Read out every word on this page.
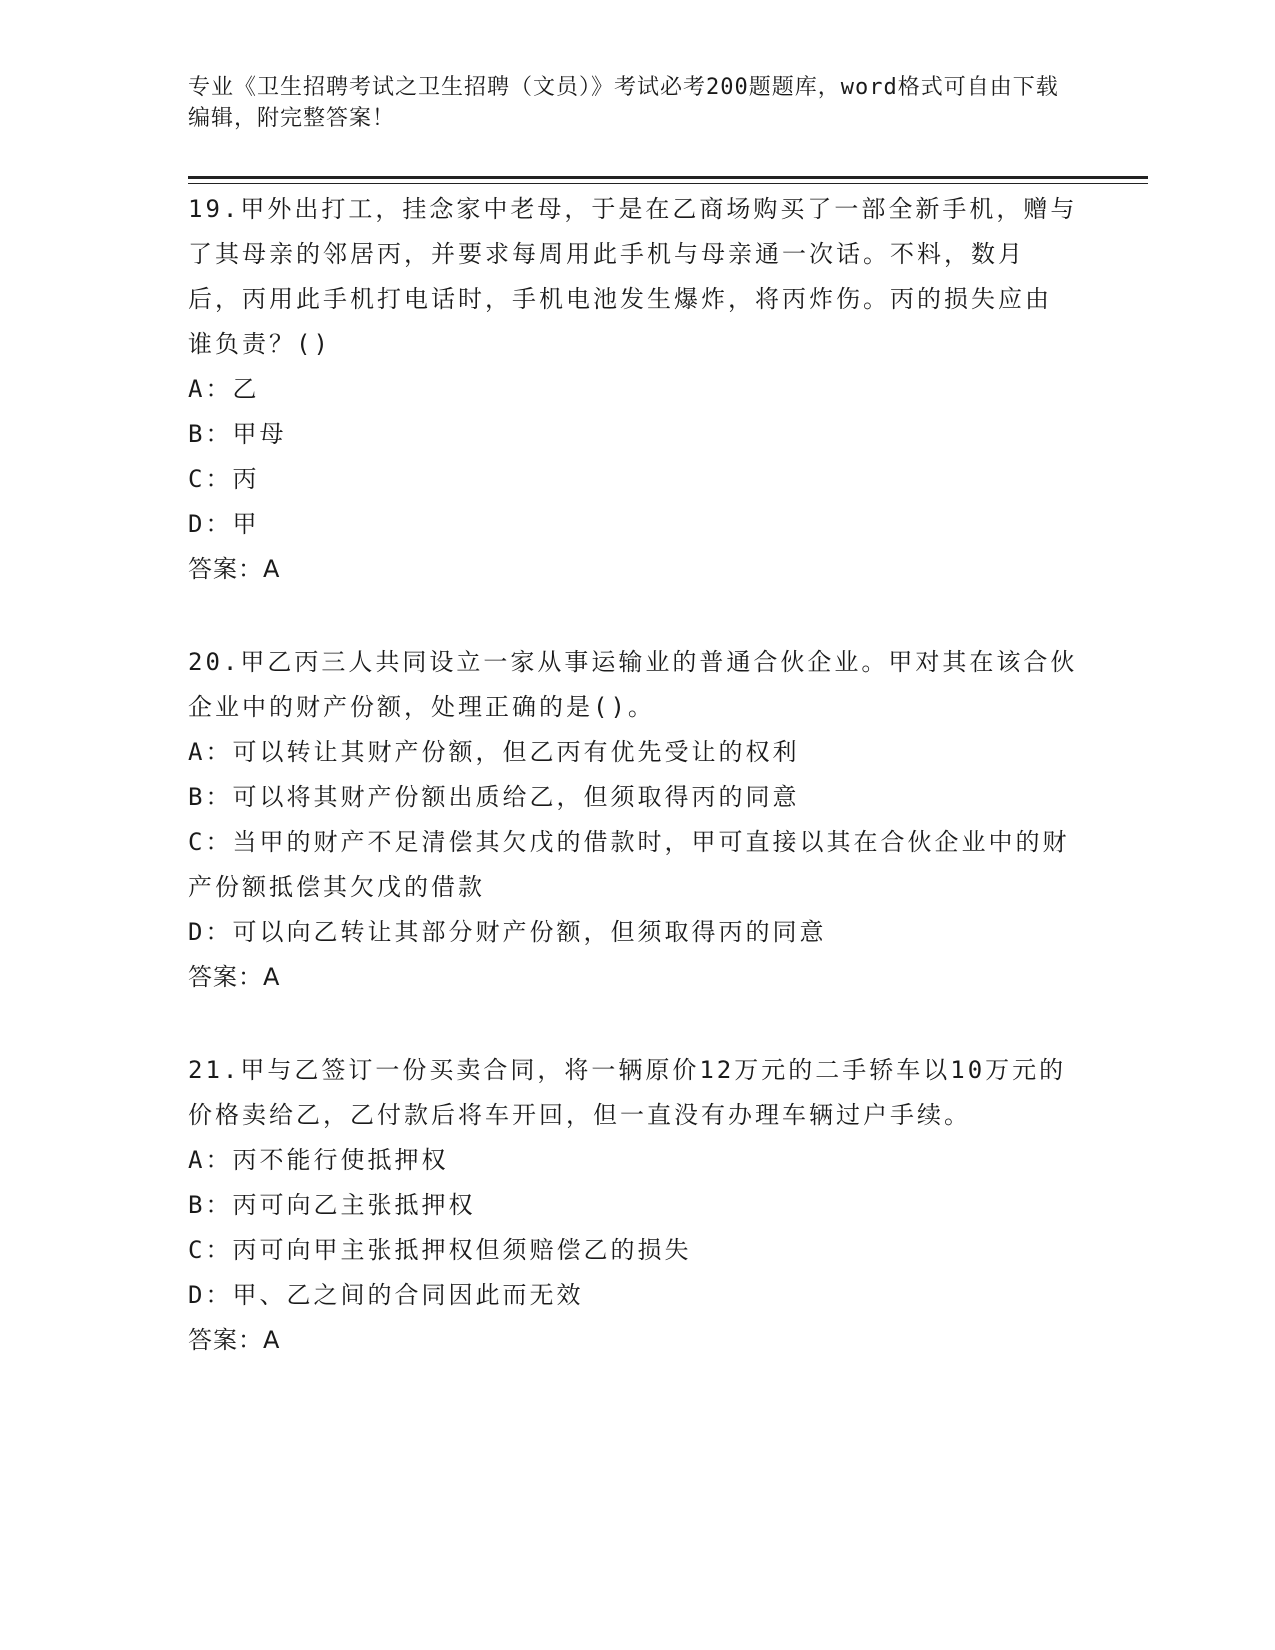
专业《卫生招聘考试之卫生招聘（文员）》考试必考200题题库，word格式可自由下载编辑，附完整答案！
19.甲外出打工，挂念家中老母，于是在乙商场购买了一部全新手机，赠与了其母亲的邻居丙，并要求每周用此手机与母亲通一次话。不料，数月后，丙用此手机打电话时，手机电池发生爆炸，将丙炸伤。丙的损失应由谁负责？()
A：乙
B：甲母
C：丙
D：甲
答案：A
20.甲乙丙三人共同设立一家从事运输业的普通合伙企业。甲对其在该合伙企业中的财产份额，处理正确的是()。
A：可以转让其财产份额，但乙丙有优先受让的权利
B：可以将其财产份额出质给乙，但须取得丙的同意
C：当甲的财产不足清偿其欠戊的借款时，甲可直接以其在合伙企业中的财产份额抵偿其欠戊的借款
D：可以向乙转让其部分财产份额，但须取得丙的同意
答案：A
21.甲与乙签订一份买卖合同，将一辆原价12万元的二手轿车以10万元的价格卖给乙，乙付款后将车开回，但一直没有办理车辆过户手续。
A：丙不能行使抵押权
B：丙可向乙主张抵押权
C：丙可向甲主张抵押权但须赔偿乙的损失
D：甲、乙之间的合同因此而无效
答案：A
